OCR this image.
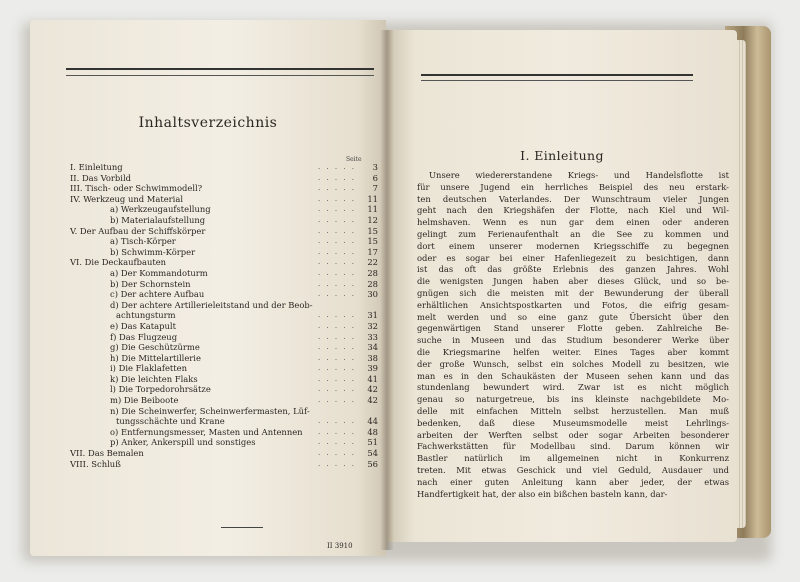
Inhaltsverzeichnis
Seite
I. Einleitung	. . . . .	3
II. Das Vorbild	. . . . .	6
III. Tisch- oder Schwimmodell?	. . . . .	7
IV. Werkzeug und Material	. . . . .	11
a) Werkzeugaufstellung	. . . . .	11
b) Materialaufstellung	. . . . .	12
V. Der Aufbau der Schiffskörper	. . . . .	15
a) Tisch-Körper	. . . . .	15
b) Schwimm-Körper	. . . . .	17
VI. Die Deckaufbauten	. . . . .	22
a) Der Kommandoturm	. . . . .	28
b) Der Schornstein	. . . . .	28
c) Der achtere Aufbau	. . . . .	30
d) Der achtere Artillerieleitstand und der Beob-
achtungsturm	. . . . .	31
e) Das Katapult	. . . . .	32
f) Das Flugzeug	. . . . .	33
g) Die Geschützürme	. . . . .	34
h) Die Mittelartillerie	. . . . .	38
i) Die Flaklafetten	. . . . .	39
k) Die leichten Flaks	. . . . .	41
l) Die Torpedorohrsätze	. . . . .	42
m) Die Beiboote	. . . . .	42
n) Die Scheinwerfer, Scheinwerfermasten, Lüf-
tungsschächte und Krane	. . . . .	44
o) Entfernungsmesser, Masten und Antennen . . . . .	48
p) Anker, Ankerspill und sonstiges	. . . . .	51
VII. Das Bemalen	. . . . .	54
VIII. Schluß	. . . . .	56
II 3910
I. Einleitung
Unsere wiedererstandene Kriegs- und Handelsflotte ist
für unsere Jugend ein herrliches Beispiel des neu erstark-
ten deutschen Vaterlandes. Der Wunschtraum vieler Jungen
geht nach den Kriegshäfen der Flotte, nach Kiel und Wil-
helmshaven. Wenn es nun gar dem einen oder anderen
gelingt zum Ferienaufenthalt an die See zu kommen und
dort einem unserer modernen Kriegsschiffe zu begegnen
oder es sogar bei einer Hafenliegezeit zu besichtigen, dann
ist das oft das größte Erlebnis des ganzen Jahres. Wohl
die wenigsten Jungen haben aber dieses Glück, und so be-
gnügen sich die meisten mit der Bewunderung der überall
erhältlichen Ansichtspostkarten und Fotos, die eifrig gesam-
melt werden und so eine ganz gute Übersicht über den
gegenwärtigen Stand unserer Flotte geben. Zahlreiche Be-
suche in Museen und das Studium besonderer Werke über
die Kriegsmarine helfen weiter. Eines Tages aber kommt
der große Wunsch, selbst ein solches Modell zu besitzen, wie
man es in den Schaukästen der Museen sehen kann und das
stundenlang bewundert wird. Zwar ist es nicht möglich
genau so naturgetreue, bis ins kleinste nachgebildete Mo-
delle mit einfachen Mitteln selbst herzustellen. Man muß
bedenken, daß diese Museumsmodelle meist Lehrlings-
arbeiten der Werften selbst oder sogar Arbeiten besonderer
Fachwerkstätten für Modellbau sind. Darum können wir
Bastler natürlich im allgemeinen nicht in Konkurrenz
treten. Mit etwas Geschick und viel Geduld, Ausdauer und
nach einer guten Anleitung kann aber jeder, der etwas
Handfertigkeit hat, der also ein bißchen basteln kann, dar-
